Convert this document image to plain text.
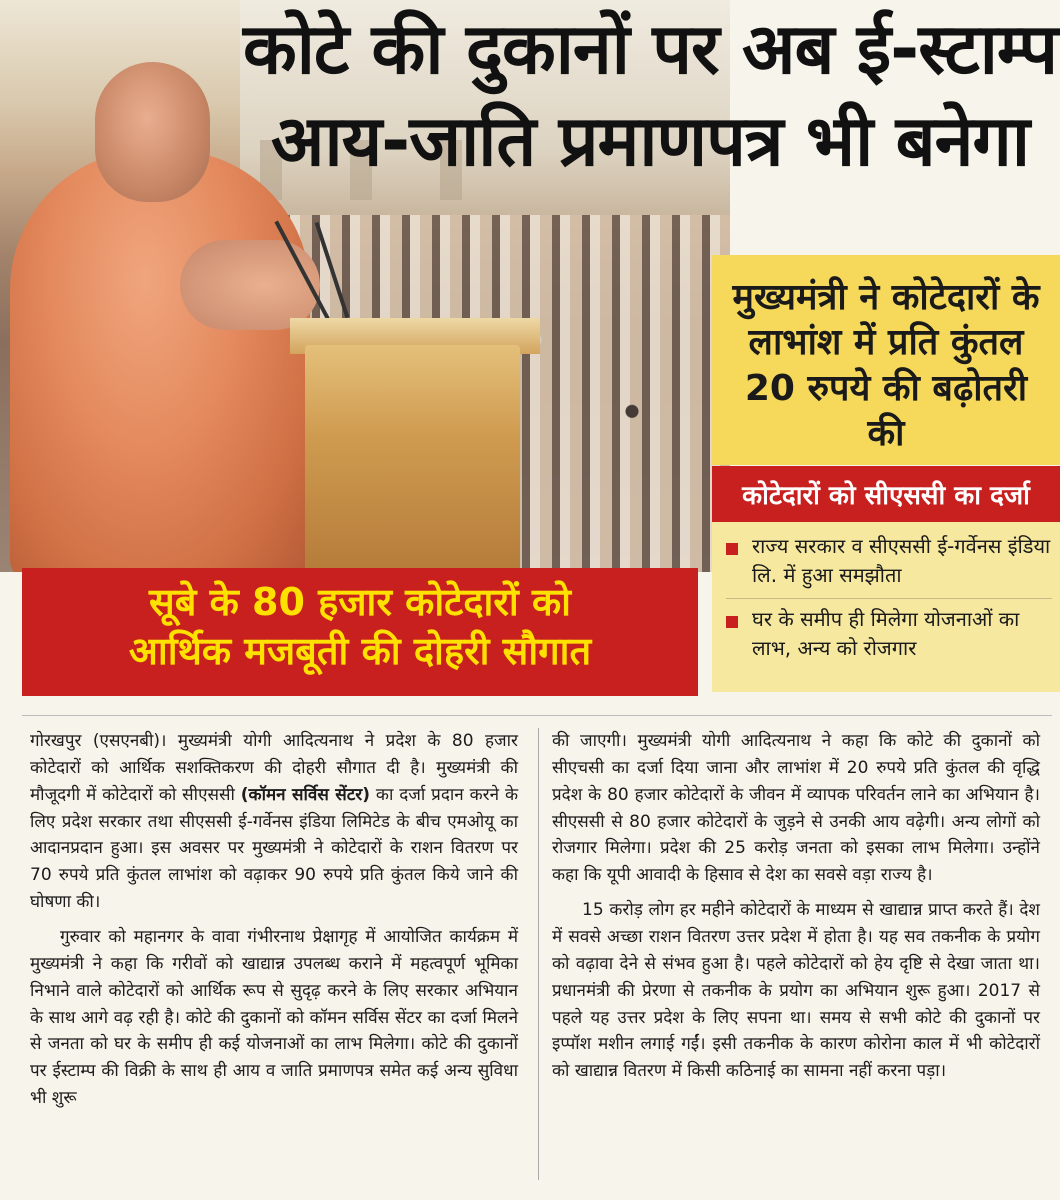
कोटे की दुकानों पर अब ई-स्टाम्प
आय-जाति प्रमाणपत्र भी बनेगा
मुख्यमंत्री ने कोटेदारों के लाभांश में प्रति कुंतल 20 रुपये की बढ़ोतरी की
कोटेदारों को सीएससी का दर्जा
राज्य सरकार व सीएससी ई-गर्वेनस इंडिया लि. में हुआ समझौता
घर के समीप ही मिलेगा योजनाओं का लाभ, अन्य को रोजगार
सूबे के 80 हजार कोटेदारों को
आर्थिक मजबूती की दोहरी सौगात

गोरखपुर (एसएनबी)। मुख्यमंत्री योगी आदित्यनाथ ने प्रदेश के 80 हजार कोटेदारों को आर्थिक सशक्तिकरण की दोहरी सौगात दी है। मुख्यमंत्री की मौजूदगी में कोटेदारों को सीएससी (कॉमन सर्विस सेंटर) का दर्जा प्रदान करने के लिए प्रदेश सरकार तथा सीएससी ई-गर्वेनस इंडिया लिमिटेड के बीच एमओयू का आदानप्रदान हुआ। इस अवसर पर मुख्यमंत्री ने कोटेदारों के राशन वितरण पर 70 रुपये प्रति कुंतल लाभांश को वढ़ाकर 90 रुपये प्रति कुंतल किये जाने की घोषणा की।

गुरुवार को महानगर के वावा गंभीरनाथ प्रेक्षागृह में आयोजित कार्यक्रम में मुख्यमंत्री ने कहा कि गरीवों को खाद्यान्न उपलब्ध कराने में महत्वपूर्ण भूमिका निभाने वाले कोटेदारों को आर्थिक रूप से सुदृढ़ करने के लिए सरकार अभियान के साथ आगे वढ़ रही है। कोटे की दुकानों को कॉमन सर्विस सेंटर का दर्जा मिलने से जनता को घर के समीप ही कई योजनाओं का लाभ मिलेगा। कोटे की दुकानों पर ईस्टाम्प की विक्री के साथ ही आय व जाति प्रमाणपत्र समेत कई अन्य सुविधा भी शुरू

की जाएगी। मुख्यमंत्री योगी आदित्यनाथ ने कहा कि कोटे की दुकानों को सीएचसी का दर्जा दिया जाना और लाभांश में 20 रुपये प्रति कुंतल की वृद्धि प्रदेश के 80 हजार कोटेदारों के जीवन में व्यापक परिवर्तन लाने का अभियान है। सीएससी से 80 हजार कोटेदारों के जुड़ने से उनकी आय वढ़ेगी। अन्य लोगों को रोजगार मिलेगा। प्रदेश की 25 करोड़ जनता को इसका लाभ मिलेगा। उन्होंने कहा कि यूपी आवादी के हिसाव से देश का सवसे वड़ा राज्य है।

15 करोड़ लोग हर महीने कोटेदारों के माध्यम से खाद्यान्न प्राप्त करते हैं। देश में सवसे अच्छा राशन वितरण उत्तर प्रदेश में होता है। यह सव तकनीक के प्रयोग को वढ़ावा देने से संभव हुआ है। पहले कोटेदारों को हेय दृष्टि से देखा जाता था। प्रधानमंत्री की प्रेरणा से तकनीक के प्रयोग का अभियान शुरू हुआ। 2017 से पहले यह उत्तर प्रदेश के लिए सपना था। समय से सभी कोटे की दुकानों पर इप्पॉश मशीन लगाई गईं। इसी तकनीक के कारण कोरोना काल में भी कोटेदारों को खाद्यान्न वितरण में किसी कठिनाई का सामना नहीं करना पड़ा।
